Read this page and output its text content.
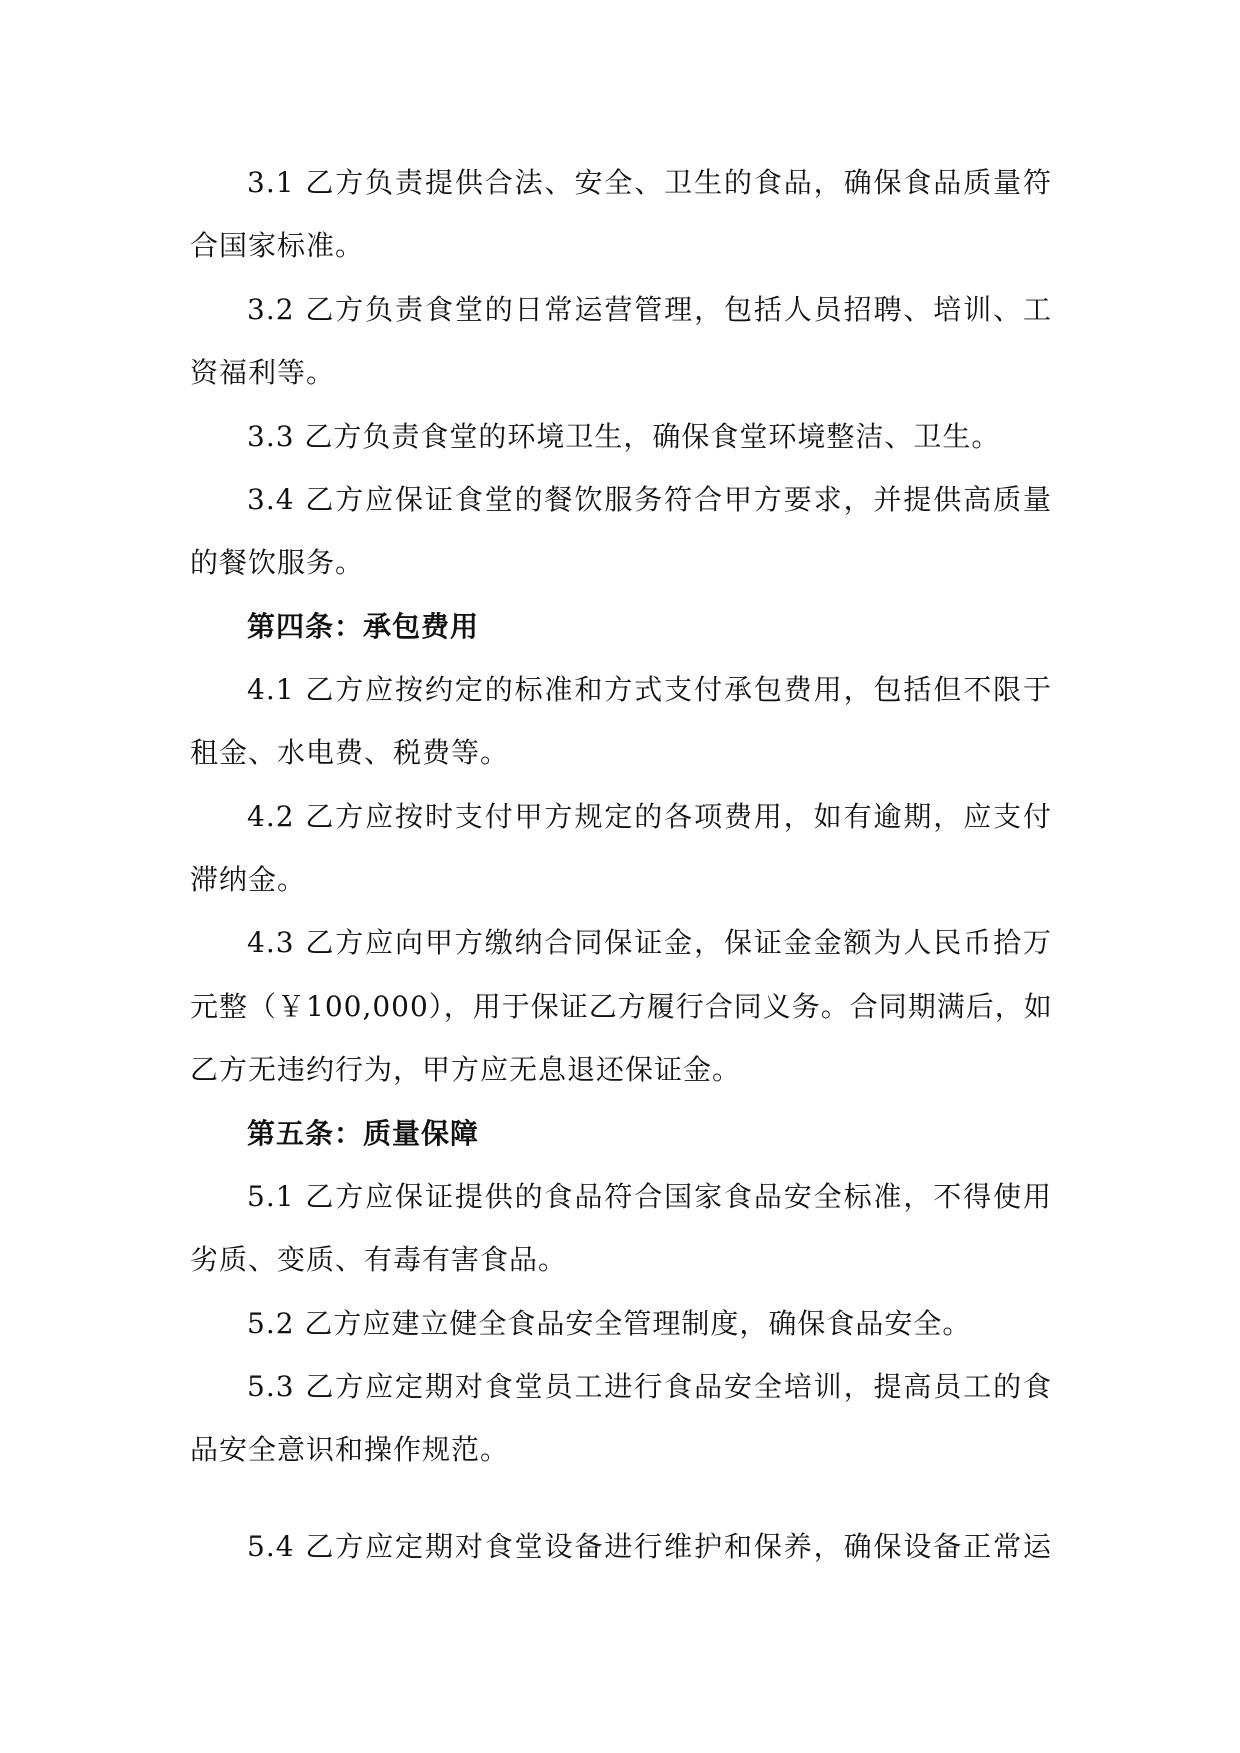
3.1 乙方负责提供合法、安全、卫生的食品，确保食品质量符
合国家标准。
3.2 乙方负责食堂的日常运营管理，包括人员招聘、培训、工
资福利等。
3.3 乙方负责食堂的环境卫生，确保食堂环境整洁、卫生。
3.4 乙方应保证食堂的餐饮服务符合甲方要求，并提供高质量
的餐饮服务。
第四条：承包费用
4.1 乙方应按约定的标准和方式支付承包费用，包括但不限于
租金、水电费、税费等。
4.2 乙方应按时支付甲方规定的各项费用，如有逾期，应支付
滞纳金。
4.3 乙方应向甲方缴纳合同保证金，保证金金额为人民币拾万
元整（￥100,000），用于保证乙方履行合同义务。合同期满后，如
乙方无违约行为，甲方应无息退还保证金。
第五条：质量保障
5.1 乙方应保证提供的食品符合国家食品安全标准，不得使用
劣质、变质、有毒有害食品。
5.2 乙方应建立健全食品安全管理制度，确保食品安全。
5.3 乙方应定期对食堂员工进行食品安全培训，提高员工的食
品安全意识和操作规范。
5.4 乙方应定期对食堂设备进行维护和保养，确保设备正常运
